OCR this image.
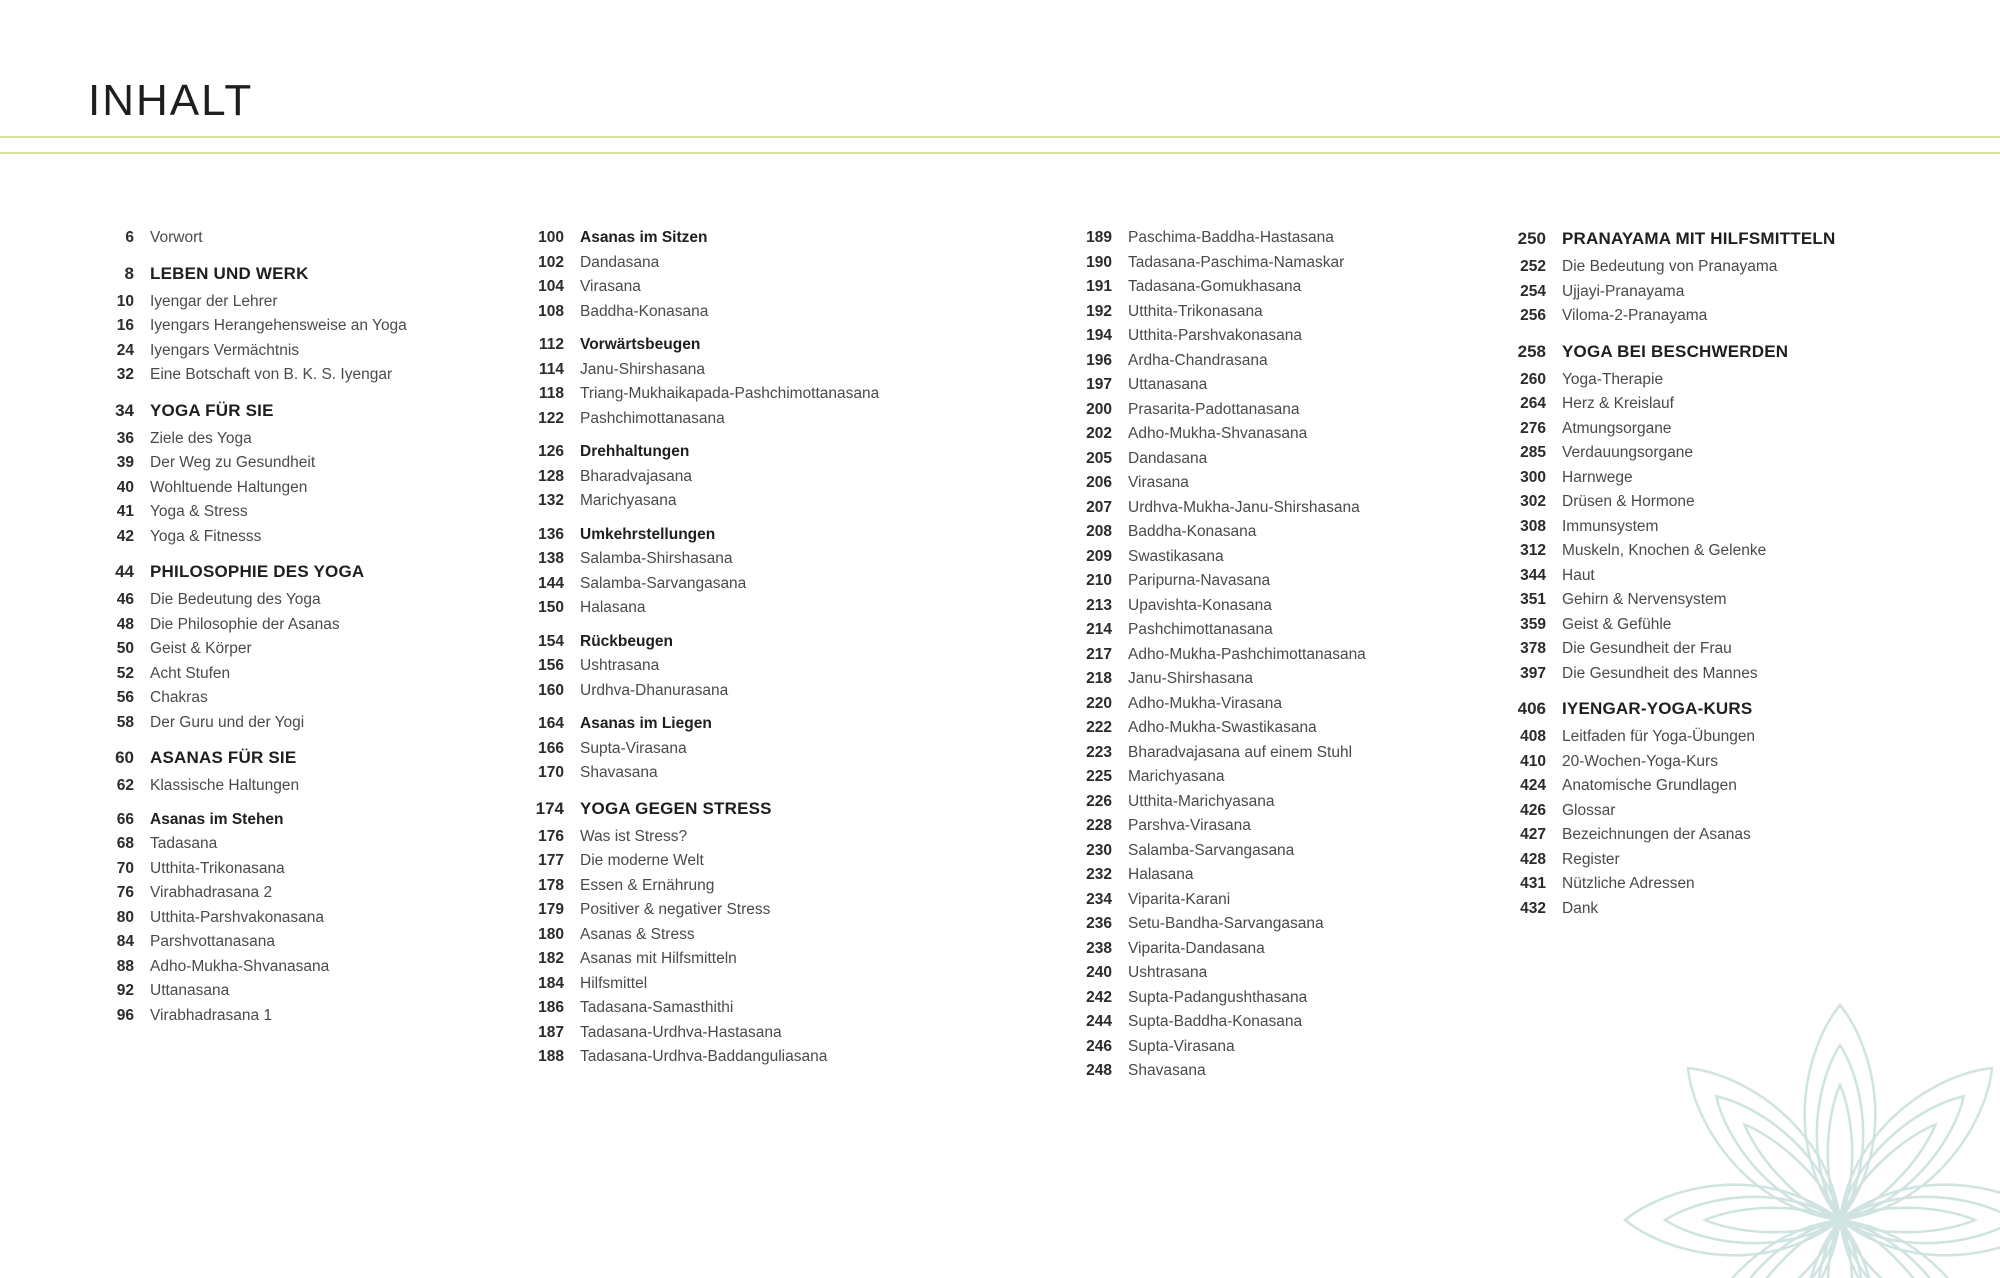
INHALT
6 Vorwort
8 LEBEN UND WERK
10 Iyengar der Lehrer
16 Iyengars Herangehensweise an Yoga
24 Iyengars Vermächtnis
32 Eine Botschaft von B. K. S. Iyengar
34 YOGA FÜR SIE
36 Ziele des Yoga
39 Der Weg zu Gesundheit
40 Wohltuende Haltungen
41 Yoga & Stress
42 Yoga & Fitnesss
44 PHILOSOPHIE DES YOGA
46 Die Bedeutung des Yoga
48 Die Philosophie der Asanas
50 Geist & Körper
52 Acht Stufen
56 Chakras
58 Der Guru und der Yogi
60 ASANAS FÜR SIE
62 Klassische Haltungen
66 Asanas im Stehen
68 Tadasana
70 Utthita-Trikonasana
76 Virabhadrasana 2
80 Utthita-Parshvakonasana
84 Parshvottanasana
88 Adho-Mukha-Shvanasana
92 Uttanasana
96 Virabhadrasana 1
100 Asanas im Sitzen
102 Dandasana
104 Virasana
108 Baddha-Konasana
112 Vorwärtsbeugen
114 Janu-Shirshasana
118 Triang-Mukhaikapada-Pashchimottanasana
122 Pashchimottanasana
126 Drehhaltungen
128 Bharadvajasana
132 Marichyasana
136 Umkehrstellungen
138 Salamba-Shirshasana
144 Salamba-Sarvangasana
150 Halasana
154 Rückbeugen
156 Ushtrasana
160 Urdhva-Dhanurasana
164 Asanas im Liegen
166 Supta-Virasana
170 Shavasana
174 YOGA GEGEN STRESS
176 Was ist Stress?
177 Die moderne Welt
178 Essen & Ernährung
179 Positiver & negativer Stress
180 Asanas & Stress
182 Asanas mit Hilfsmitteln
184 Hilfsmittel
186 Tadasana-Samasthithi
187 Tadasana-Urdhva-Hastasana
188 Tadasana-Urdhva-Baddanguliasana
189 Paschima-Baddha-Hastasana
190 Tadasana-Paschima-Namaskar
191 Tadasana-Gomukhasana
192 Utthita-Trikonasana
194 Utthita-Parshvakonasana
196 Ardha-Chandrasana
197 Uttanasana
200 Prasarita-Padottanasana
202 Adho-Mukha-Shvanasana
205 Dandasana
206 Virasana
207 Urdhva-Mukha-Janu-Shirshasana
208 Baddha-Konasana
209 Swastikasana
210 Paripurna-Navasana
213 Upavishta-Konasana
214 Pashchimottanasana
217 Adho-Mukha-Pashchimottanasana
218 Janu-Shirshasana
220 Adho-Mukha-Virasana
222 Adho-Mukha-Swastikasana
223 Bharadvajasana auf einem Stuhl
225 Marichyasana
226 Utthita-Marichyasana
228 Parshva-Virasana
230 Salamba-Sarvangasana
232 Halasana
234 Viparita-Karani
236 Setu-Bandha-Sarvangasana
238 Viparita-Dandasana
240 Ushtrasana
242 Supta-Padangushthasana
244 Supta-Baddha-Konasana
246 Supta-Virasana
248 Shavasana
250 PRANAYAMA MIT HILFSMITTELN
252 Die Bedeutung von Pranayama
254 Ujjayi-Pranayama
256 Viloma-2-Pranayama
258 YOGA BEI BESCHWERDEN
260 Yoga-Therapie
264 Herz & Kreislauf
276 Atmungsorgane
285 Verdauungsorgane
300 Harnwege
302 Drüsen & Hormone
308 Immunsystem
312 Muskeln, Knochen & Gelenke
344 Haut
351 Gehirn & Nervensystem
359 Geist & Gefühle
378 Die Gesundheit der Frau
397 Die Gesundheit des Mannes
406 IYENGAR-YOGA-KURS
408 Leitfaden für Yoga-Übungen
410 20-Wochen-Yoga-Kurs
424 Anatomische Grundlagen
426 Glossar
427 Bezeichnungen der Asanas
428 Register
431 Nützliche Adressen
432 Dank
